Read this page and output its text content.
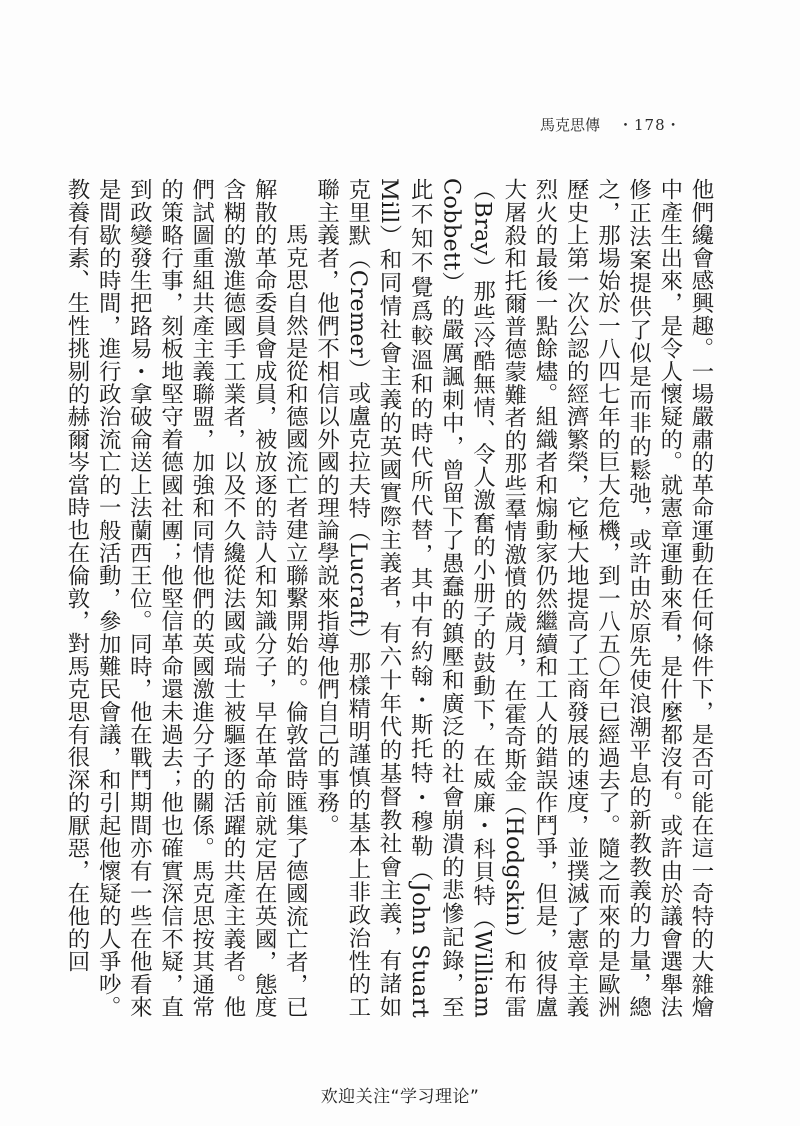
馬克思傳 ・178・

他們纔會感興趣。一場嚴肅的革命運動在任何條件下，是否可能在這一奇特的大雜燴中產生出來，是令人懷疑的。就憲章運動來看，是什麼都沒有。或許由於議會選舉法修正法案提供了似是而非的鬆弛，或許由於原先使浪潮平息的新教教義的力量，總之，那場始於一八四七年的巨大危機，到一八五〇年已經過去了。隨之而來的是歐洲歷史上第一次公認的經濟繁榮，它極大地提高了工商發展的速度，並撲滅了憲章主義烈火的最後一點餘燼。組織者和煽動家仍然繼續和工人的錯誤作鬥爭，但是，彼得盧大屠殺和托爾普德蒙難者的那些羣情激憤的歲月，在霍奇斯金（Hodgskin）和布雷（Bray）那些冷酷無情、令人激奮的小册子的鼓動下，在威廉・科貝特（William Cobbett）的嚴厲諷刺中，曾留下了愚蠢的鎮壓和廣泛的社會崩潰的悲慘記錄，至此不知不覺爲較溫和的時代所代替，其中有約翰・斯托特・穆勒（John Stuart Mill）和同情社會主義的英國實際主義者，有六十年代的基督教社會主義，有諸如克里默（Cremer）或盧克拉夫特（Lucraft）那樣精明謹慎的基本上非政治性的工聯主義者，他們不相信以外國的理論學説來指導他們自己的事務。

馬克思自然是從和德國流亡者建立聯繫開始的。倫敦當時匯集了德國流亡者，已解散的革命委員會成員，被放逐的詩人和知識分子，早在革命前就定居在英國，態度含糊的激進德國手工業者，以及不久纔從法國或瑞士被驅逐的活躍的共產主義者。他們試圖重組共產主義聯盟，加強和同情他們的英國激進分子的關係。馬克思按其通常的策略行事，刻板地堅守着德國社團；他堅信革命還未過去；他也確實深信不疑，直到政變發生把路易・拿破侖送上法蘭西王位。同時，他在戰鬥期間亦有一些在他看來是間歇的時間，進行政治流亡的一般活動，參加難民會議，和引起他懷疑的人爭吵。教養有素、生性挑剔的赫爾岑當時也在倫敦，對馬克思有很深的厭惡，在他的回

欢迎关注“学习理论”
